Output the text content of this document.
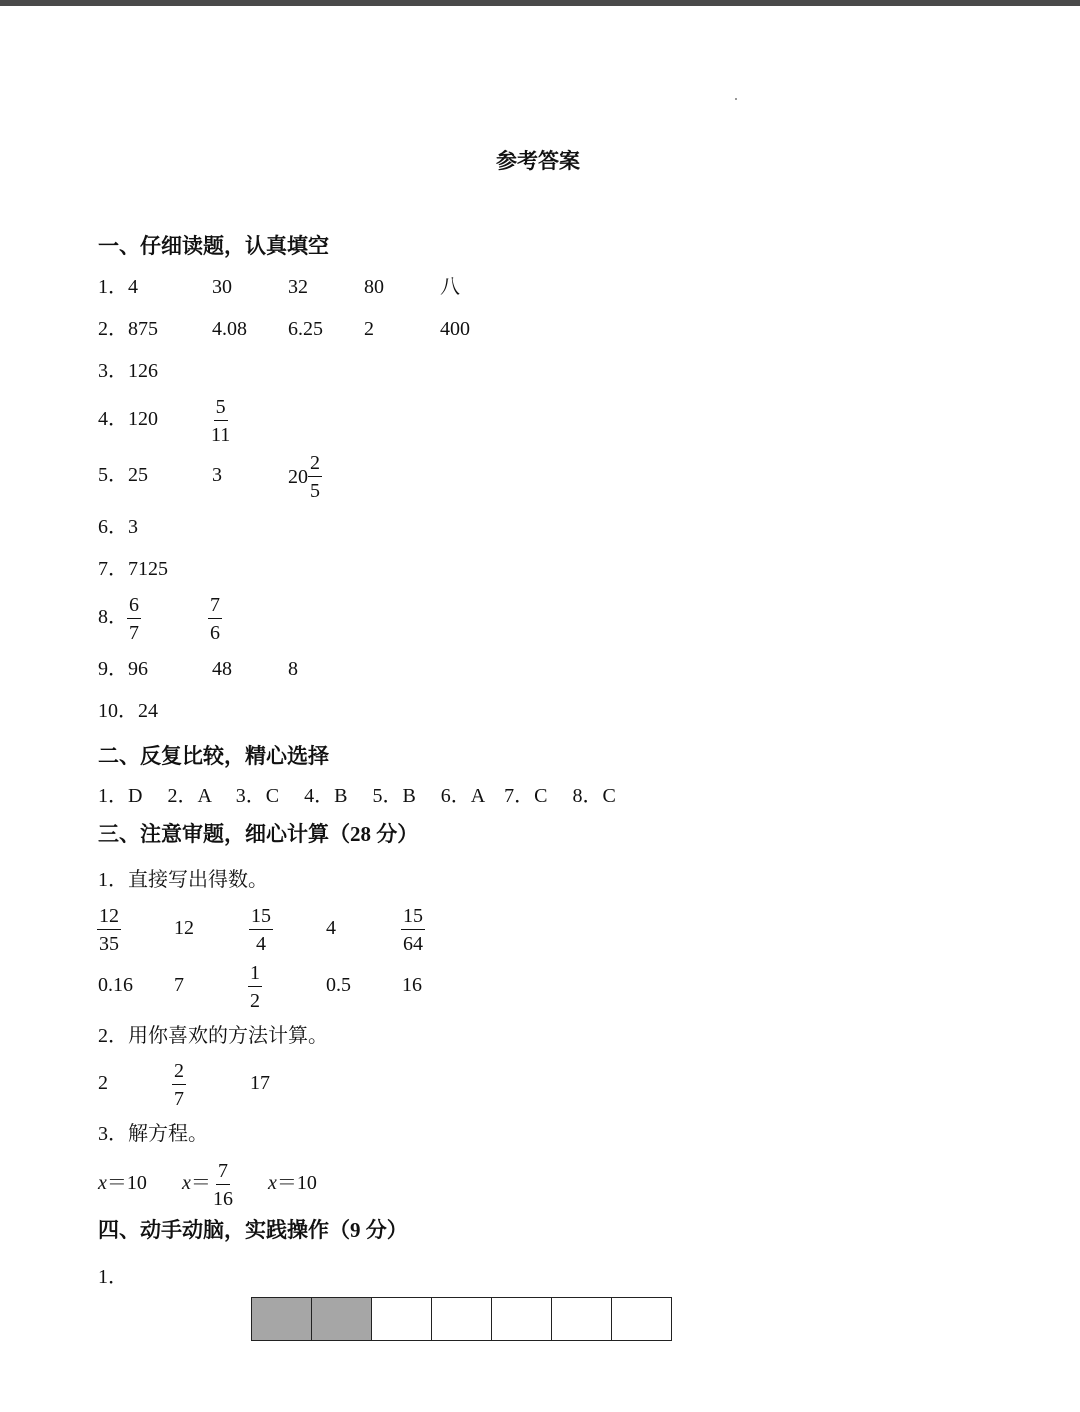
参考答案
一、仔细读题，认真填空
1．4	30	32	80	八
2．875	4.08 6.25 2	400
3．126
4．120	$\frac{5}{11}$
5．25	3	$20 \frac{2}{5}$
6．3
7．7125
8． $\frac{6}{7}$	$\frac{7}{6}$
9．96	48	8
10．24
二、反复比较，精心选择
1．D　 2．A　 3．C　 4．B　 5．B　 6．A　7．C　 8．C
三、注意审题，细心计算（28 分）
1．直接写出得数。
$\frac{12}{35}$	12	$\frac{15}{4}$	4	$\frac{15}{64}$
0.16 7	$\frac{1}{2}$	0.5	16
2．用你喜欢的方法计算。
2	$\frac{2}{7}$	17
3．解方程。
x＝10 $x= \frac{7}{16} x=10$
四、动手动脑，实践操作（9 分）
1．
